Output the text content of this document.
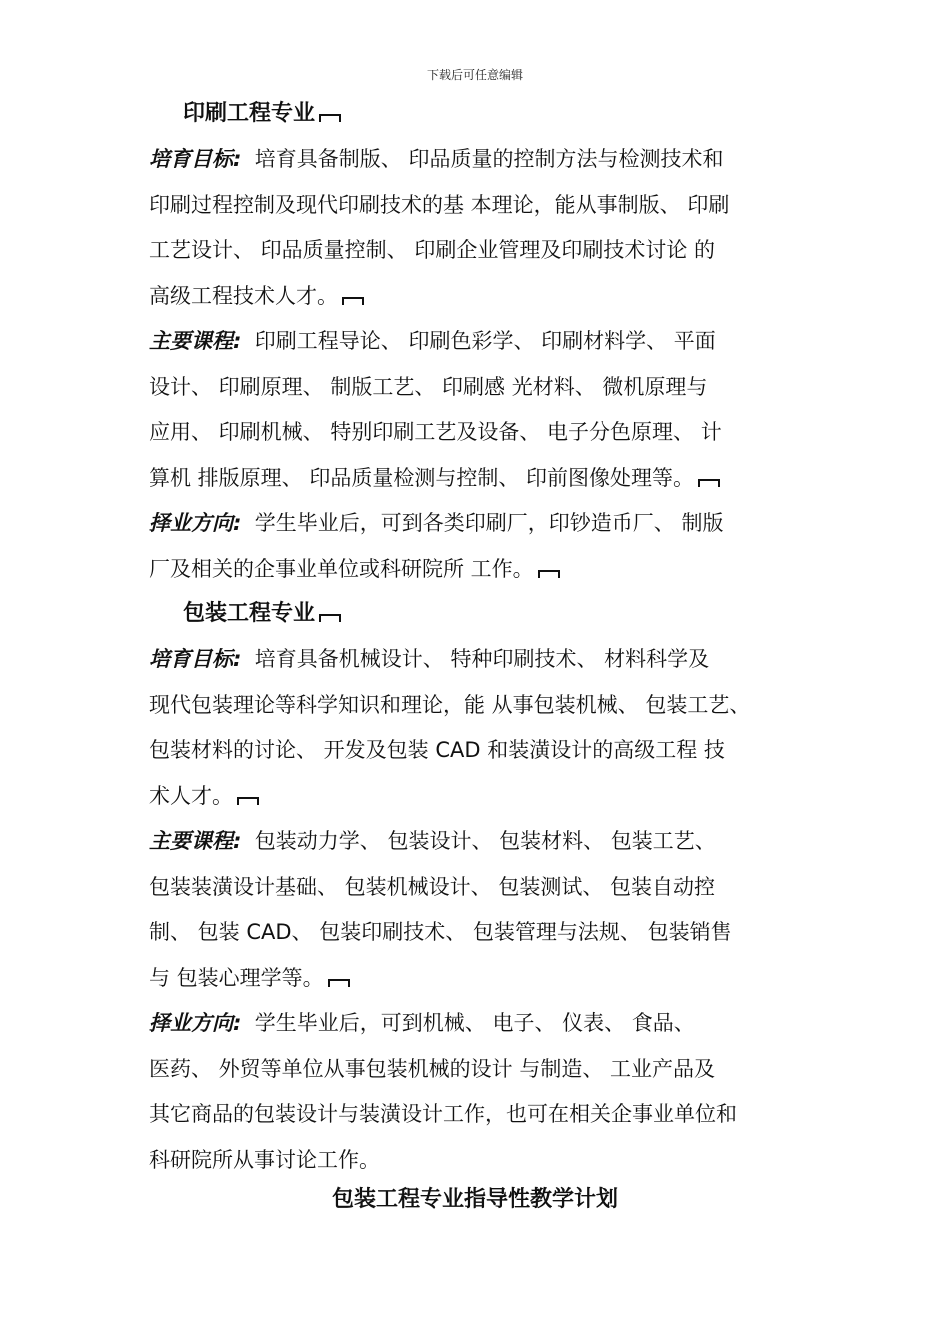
下载后可任意编辑
印刷工程专业
培育目标: 培育具备制版、 印品质量的控制方法与检测技术和
印刷过程控制及现代印刷技术的基 本理论，能从事制版、 印刷
工艺设计、 印品质量控制、 印刷企业管理及印刷技术讨论 的
高级工程技术人才。
主要课程: 印刷工程导论、 印刷色彩学、 印刷材料学、 平面
设计、 印刷原理、 制版工艺、 印刷感 光材料、 微机原理与
应用、 印刷机械、 特别印刷工艺及设备、 电子分色原理、 计
算机 排版原理、 印品质量检测与控制、 印前图像处理等。
择业方向: 学生毕业后，可到各类印刷厂，印钞造币厂、 制版
厂及相关的企事业单位或科研院所 工作。
包装工程专业
培育目标: 培育具备机械设计、 特种印刷技术、 材料科学及
现代包装理论等科学知识和理论，能 从事包装机械、 包装工艺、
包装材料的讨论、 开发及包装 CAD 和装潢设计的高级工程 技
术人才。
主要课程: 包装动力学、 包装设计、 包装材料、 包装工艺、
包装装潢设计基础、 包装机械设计、 包装测试、 包装自动控
制、 包装 CAD、 包装印刷技术、 包装管理与法规、 包装销售
与 包装心理学等。
择业方向: 学生毕业后，可到机械、 电子、 仪表、 食品、
医药、 外贸等单位从事包装机械的设计 与制造、 工业产品及
其它商品的包装设计与装潢设计工作，也可在相关企事业单位和
科研院所从事讨论工作。
包装工程专业指导性教学计划
